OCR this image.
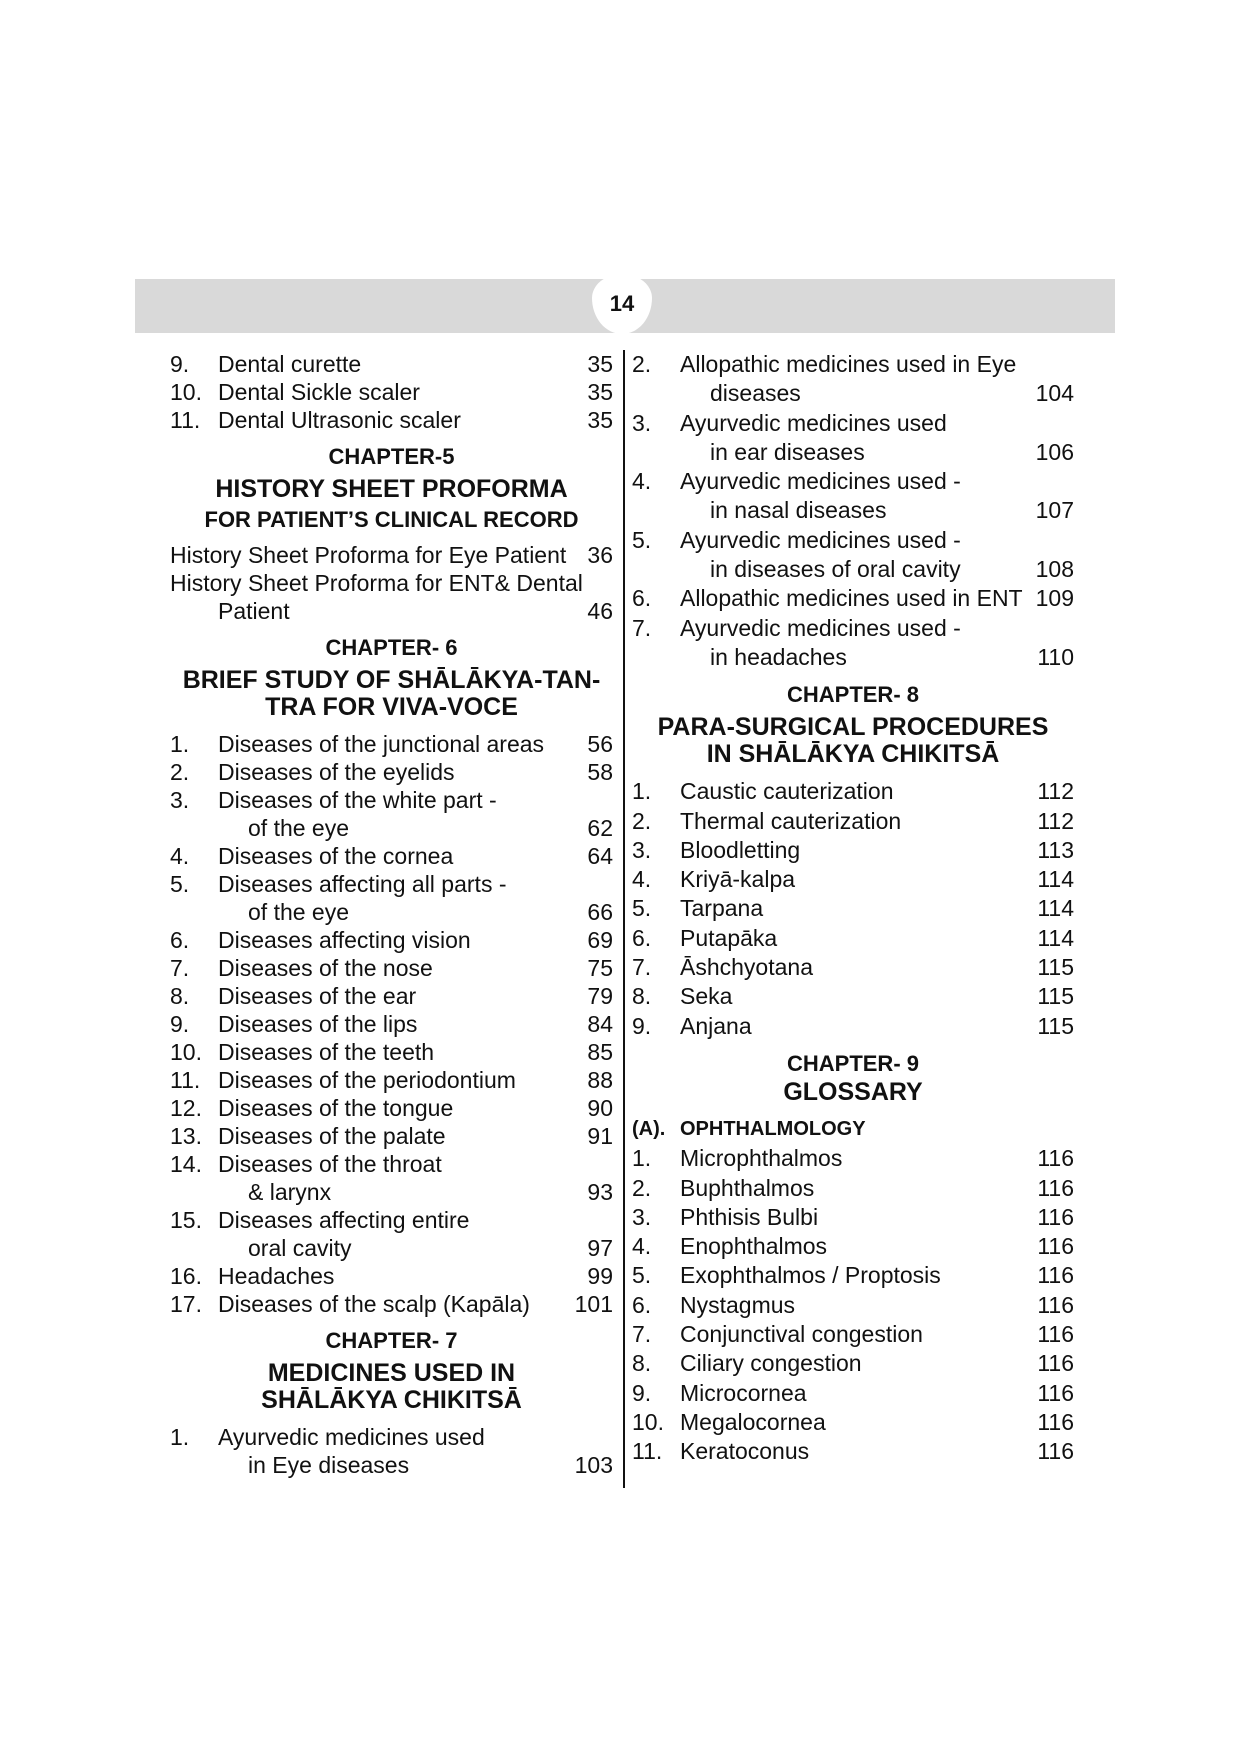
14
9.	Dental curette	35
10. Dental Sickle scaler	35
11. Dental Ultrasonic scaler	35
CHAPTER-5
HISTORY SHEET PROFORMA
FOR PATIENT’S CLINICAL RECORD
History Sheet Proforma for Eye Patient 36
History Sheet Proforma for ENT& Dental
Patient	46
CHAPTER- 6
BRIEF STUDY OF SHĀLĀKYA-TAN-
TRA FOR VIVA-VOCE
1.	Diseases of the junctional areas	56
2.	Diseases of the eyelids	58
3.	Diseases of the white part -
of the eye	62
4.	Diseases of the cornea	64
5.	Diseases affecting all parts -
of the eye	66
6.	Diseases affecting vision	69
7.	Diseases of the nose	75
8.	Diseases of the ear	79
9.	Diseases of the lips	84
10. Diseases of the teeth	85
11. Diseases of the periodontium	88
12. Diseases of the tongue	90
13. Diseases of the palate	91
14. Diseases of the throat
& larynx	93
15. Diseases affecting entire
oral cavity	97
16. Headaches	99
17. Diseases of the scalp (Kapāla)	101
CHAPTER- 7
MEDICINES USED IN
SHĀLĀKYA CHIKITSĀ
1.	Ayurvedic medicines used
in Eye diseases	103
2.	Allopathic medicines used in Eye
diseases	104
3.	Ayurvedic medicines used
in ear diseases	106
4.	Ayurvedic medicines used -
in nasal diseases	107
5.	Ayurvedic medicines used -
in diseases of oral cavity	108
6.	Allopathic medicines used in ENT 109
7.	Ayurvedic medicines used -
in headaches	110
CHAPTER- 8
PARA-SURGICAL PROCEDURES
IN SHĀLĀKYA CHIKITSĀ
1.	Caustic cauterization	112
2.	Thermal cauterization	112
3.	Bloodletting	113
4.	Kriyā-kalpa	114
5.	Tarpana	114
6.	Putapāka	114
7.	Āshchyotana	115
8.	Seka	115
9.	Anjana	115
CHAPTER- 9
GLOSSARY
(A). OPHTHALMOLOGY
1.	Microphthalmos	116
2.	Buphthalmos	116
3.	Phthisis Bulbi	116
4.	Enophthalmos	116
5.	Exophthalmos / Proptosis	116
6.	Nystagmus	116
7.	Conjunctival congestion	116
8.	Ciliary congestion	116
9.	Microcornea	116
10. Megalocornea	116
11. Keratoconus	116
